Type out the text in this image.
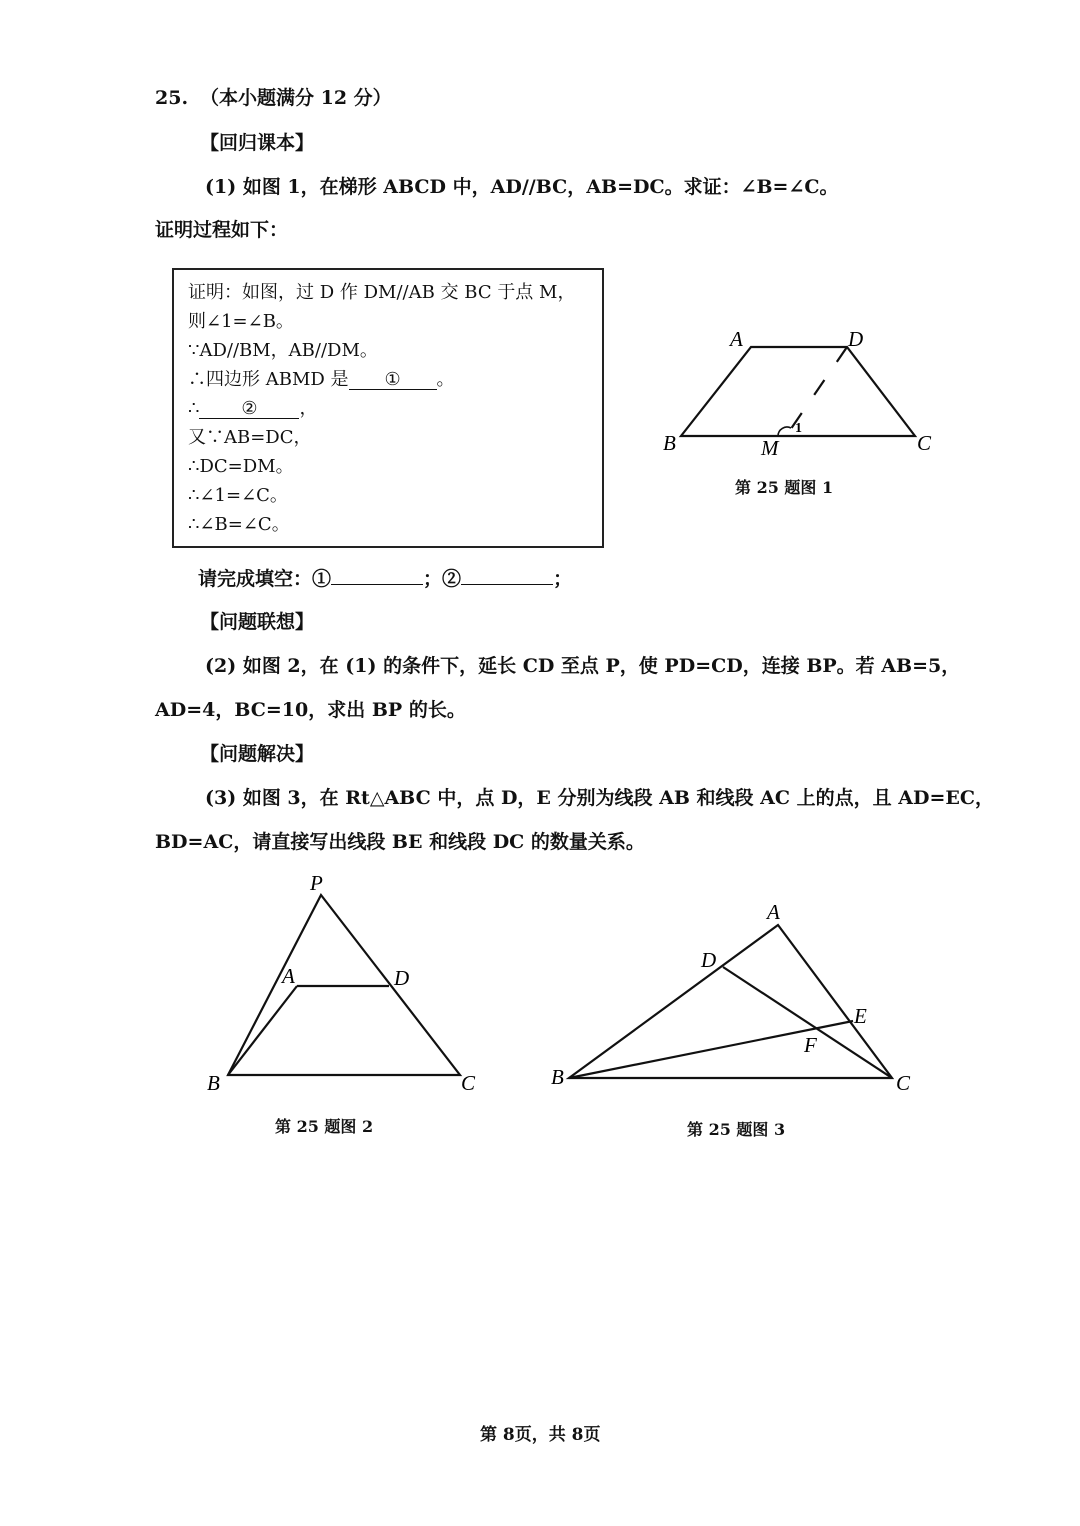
25. （本小题满分 12 分）
【回归课本】
(1) 如图 1，在梯形 ABCD 中，AD//BC，AB=DC。求证：∠B=∠C。
证明过程如下：
证明：如图，过 D 作 DM//AB 交 BC 于点 M，
则∠1=∠B。
∵AD//BM，AB//DM。
∴四边形 ABMD 是 ① 。
∴ ② ，
又∵AB=DC，
∴DC=DM。
∴∠1=∠C。
∴∠B=∠C。
A	D
B	M	C
1
第 25 题图 1
请完成填空：①	；②	；
【问题联想】
(2) 如图 2，在 (1) 的条件下，延长 CD 至点 P，使 PD=CD，连接 BP。若 AB=5，
AD=4，BC=10，求出 BP 的长。
【问题解决】
(3) 如图 3，在 Rt△ABC 中，点 D，E 分别为线段 AB 和线段 AC 上的点，且 AD=EC，
BD=AC，请直接写出线段 BE 和线段 DC 的数量关系。
P
A	D
B	C
第 25 题图 2
A
D
E
F
B	C
第 25 题图 3
第 8页，共 8页
